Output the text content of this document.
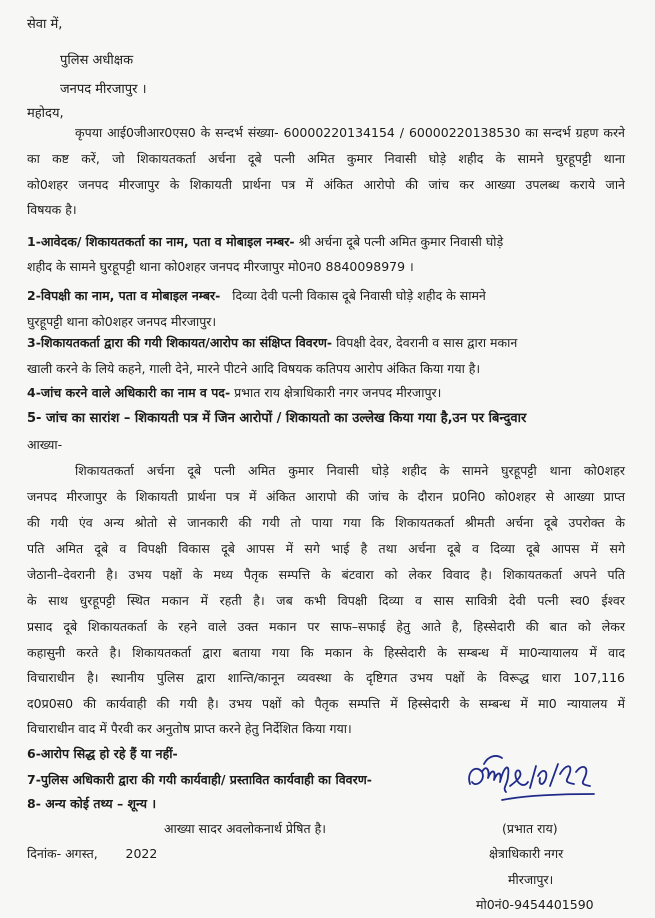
सेवा में,
पुलिस अधीक्षक
जनपद मीरजापुर ।
महोदय,
कृपया आई0जीआर0एस0 के सन्दर्भ संख्या- 60000220134154 / 60000220138530 का सन्दर्भ ग्रहण करने
का कष्ट करें, जो शिकायतकर्ता अर्चना दूबे पत्नी अमित कुमार निवासी घोड़े शहीद के सामने घुरहूपट्टी थाना
को0शहर जनपद मीरजापुर के शिकायती प्रार्थना पत्र में अंकित आरोपो की जांच कर आख्या उपलब्ध कराये जाने
विषयक है।
1-आवेदक/ शिकायतकर्ता का नाम, पता व मोबाइल नम्बर- श्री अर्चना दूबे पत्नी अमित कुमार निवासी घोड़े
शहीद के सामने घुरहूपट्टी थाना को0शहर जनपद मीरजापुर मो0न0 8840098979 ।
2-विपक्षी का नाम, पता व मोबाइल नम्बर- दिव्या देवी पत्नी विकास दूबे निवासी घोड़े शहीद के सामने
घुरहूपट्टी थाना को0शहर जनपद मीरजापुर।
3-शिकायतकर्ता द्वारा की गयी शिकायत/आरोप का संक्षिप्त विवरण- विपक्षी देवर, देवरानी व सास द्वारा मकान
खाली करने के लिये कहने, गाली देने, मारने पीटने आदि विषयक कतिपय आरोप अंकित किया गया है।
4-जांच करने वाले अधिकारी का नाम व पद- प्रभात राय क्षेत्राधिकारी नगर जनपद मीरजापुर।
5- जांच का सारांश – शिकायती पत्र में जिन आरोपों / शिकायतो का उल्लेख किया गया है,उन पर बिन्दुवार
आख्या-
शिकायतकर्ता अर्चना दूबे पत्नी अमित कुमार निवासी घोड़े शहीद के सामने घुरहूपट्टी थाना को0शहर
जनपद मीरजापुर के शिकायती प्रार्थना पत्र में अंकित आरापो की जांच के दौरान प्र0नि0 को0शहर से आख्या प्राप्त
की गयी एंव अन्य श्रोतो से जानकारी की गयी तो पाया गया कि शिकायतकर्ता श्रीमती अर्चना दूबे उपरोक्त के
पति अमित दूबे व विपक्षी विकास दूबे आपस में सगे भाई है तथा अर्चना दूबे व दिव्या दूबे आपस में सगे
जेठानी–देवरानी है। उभय पक्षों के मध्य पैतृक सम्पत्ति के बंटवारा को लेकर विवाद है। शिकायतकर्ता अपने पति
के साथ धुरहूपट्टी स्थित मकान में रहती है। जब कभी विपक्षी दिव्या व सास सावित्री देवी पत्नी स्व0 ईश्वर
प्रसाद दूबे शिकायतकर्ता के रहने वाले उक्त मकान पर साफ–सफाई हेतु आते है, हिस्सेदारी की बात को लेकर
कहासुनी करते है। शिकायतकर्ता द्वारा बताया गया कि मकान के हिस्सेदारी के सम्बन्ध में मा0न्यायालय में वाद
विचाराधीन है। स्थानीय पुलिस द्वारा शान्ति/कानून व्यवस्था के दृष्टिगत उभय पक्षों के विरूद्ध धारा 107,116
द0प्र0स0 की कार्यवाही की गयी है। उभय पक्षों को पैतृक सम्पत्ति में हिस्सेदारी के सम्बन्ध में मा0 न्यायालय में
विचाराधीन वाद में पैरवी कर अनुतोष प्राप्त करने हेतु निर्देशित किया गया।
6-आरोप सिद्ध हो रहे हैं या नहीं-
7-पुलिस अधिकारी द्वारा की गयी कार्यवाही/ प्रस्तावित कार्यवाही का विवरण-
8- अन्य कोई तथ्य – शून्य ।
आख्या सादर अवलोकनार्थ प्रेषित है।
दिनांक- अगस्त, 2022
(प्रभात राय)
क्षेत्राधिकारी नगर
मीरजापुर।
मो0नं0-9454401590
